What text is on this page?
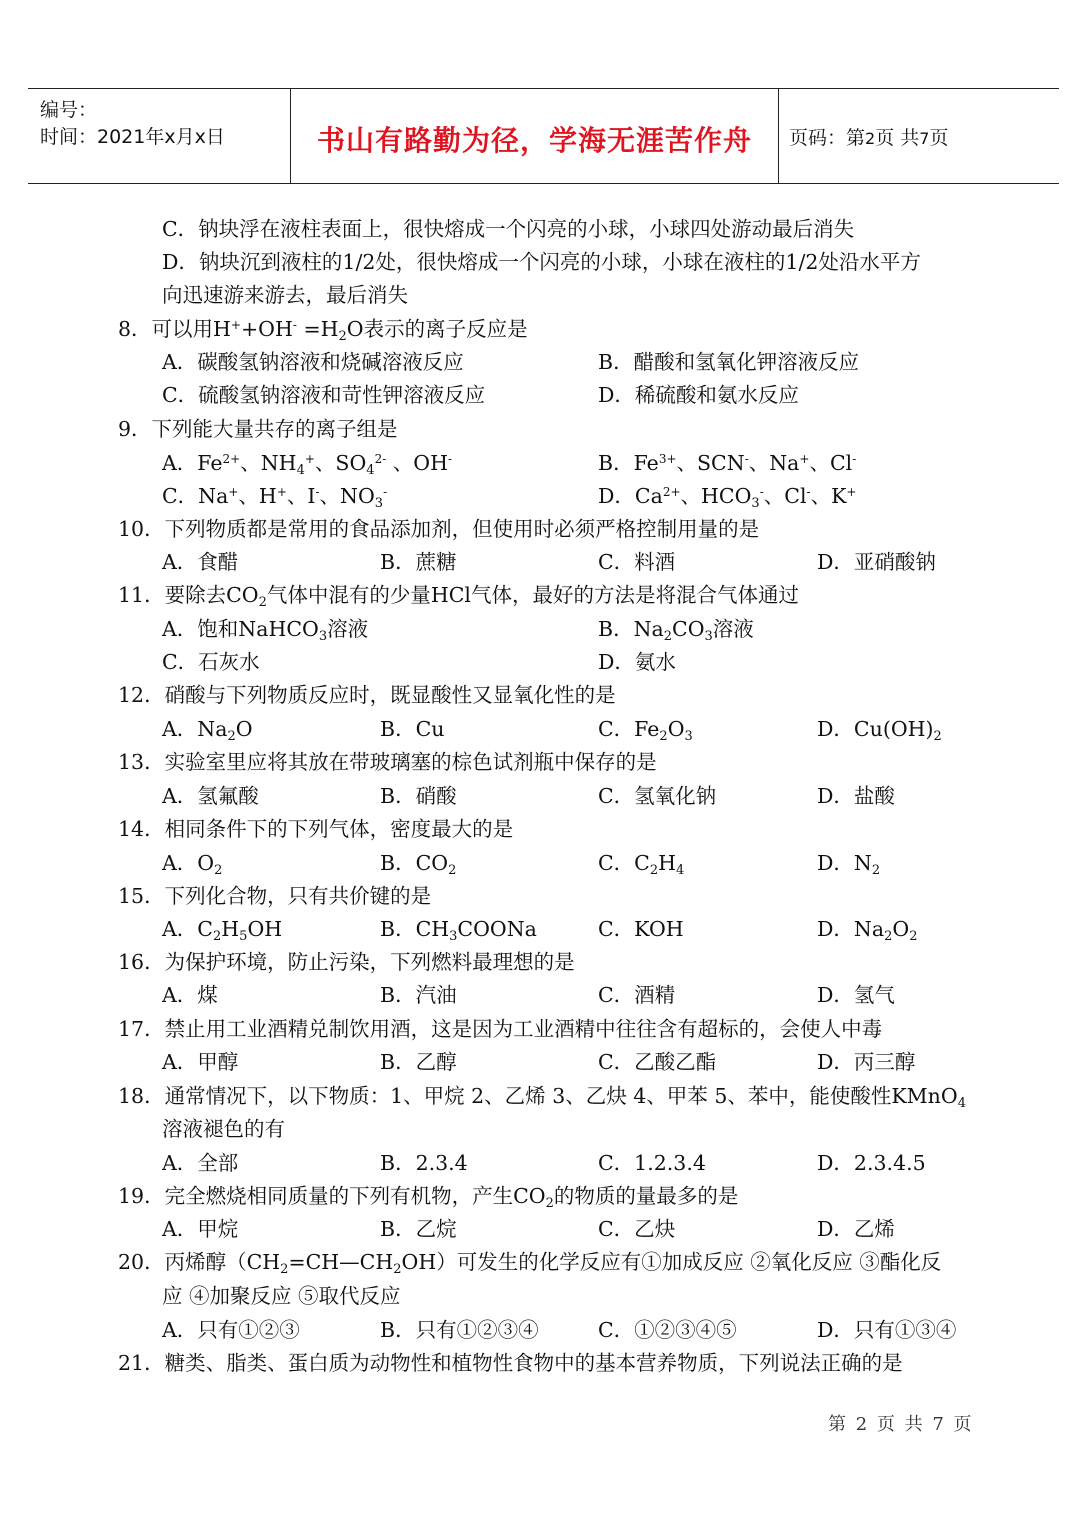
编号：
时间：2021年x月x日	书山有路勤为径，学海无涯苦作舟	页码：第2页 共7页
C．钠块浮在液柱表面上，很快熔成一个闪亮的小球，小球四处游动最后消失
D．钠块沉到液柱的1/2处，很快熔成一个闪亮的小球，小球在液柱的1/2处沿水平方
向迅速游来游去，最后消失
8．可以用$H^++OH^- =H_2O$表示的离子反应是
A．碳酸氢钠溶液和烧碱溶液反应	B．醋酸和氢氧化钾溶液反应
C．硫酸氢钠溶液和苛性钾溶液反应	D．稀硫酸和氨水反应
9．下列能大量共存的离子组是
A．$Fe^{2+}$、$NH_4^+$、$SO_4^{2-}$ 、OH-	B．$Fe^{3+}$、SCN-、Na+、Cl-
C．Na+、H+、I-、$NO_3^-$	D．$Ca^{2+}$、$HCO_3^-$、Cl-、K+
10．下列物质都是常用的食品添加剂，但使用时必须严格控制用量的是
A．食醋	B．蔗糖	C．料酒	D．亚硝酸钠
11．要除去$CO_2$气体中混有的少量HCl气体，最好的方法是将混合气体通过
A．饱和NaHCO$_3$溶液	B．$Na_2CO_3$溶液
C．石灰水	D．氨水
12．硝酸与下列物质反应时，既显酸性又显氧化性的是
A．$Na_2O$	B．Cu	C．$Fe_2O_3$	D．$Cu(OH)_2$
13．实验室里应将其放在带玻璃塞的棕色试剂瓶中保存的是
A．氢氟酸	B．硝酸	C．氢氧化钠	D．盐酸
14．相同条件下的下列气体，密度最大的是
A．$O_2$	B．$CO_2$	C．$C_2H_4$	D．$N_2$
15．下列化合物，只有共价键的是
A．$C_2H_5OH$	B．$CH_3COONa$	C．KOH	D．$Na_2O_2$
16．为保护环境，防止污染，下列燃料最理想的是
A．煤	B．汽油	C．酒精	D．氢气
17．禁止用工业酒精兑制饮用酒，这是因为工业酒精中往往含有超标的，会使人中毒
A．甲醇	B．乙醇	C．乙酸乙酯	D．丙三醇
18．通常情况下，以下物质：1、甲烷 2、乙烯 3、乙炔 4、甲苯 5、苯中，能使酸性KMnO$_4$
溶液褪色的有
A．全部	B．2.3.4	C．1.2.3.4	D．2.3.4.5
19．完全燃烧相同质量的下列有机物，产生$CO_2$的物质的量最多的是
A．甲烷	B．乙烷	C．乙炔	D．乙烯
20．丙烯醇$(CH_2=CH—CH_2OH)$可发生的化学反应有①加成反应 ②氧化反应 ③酯化反
应 ④加聚反应 ⑤取代反应
A．只有①②③	B．只有①②③④	C．①②③④⑤	D．只有①③④
21．糖类、脂类、蛋白质为动物性和植物性食物中的基本营养物质，下列说法正确的是
第 2 页 共 7 页
